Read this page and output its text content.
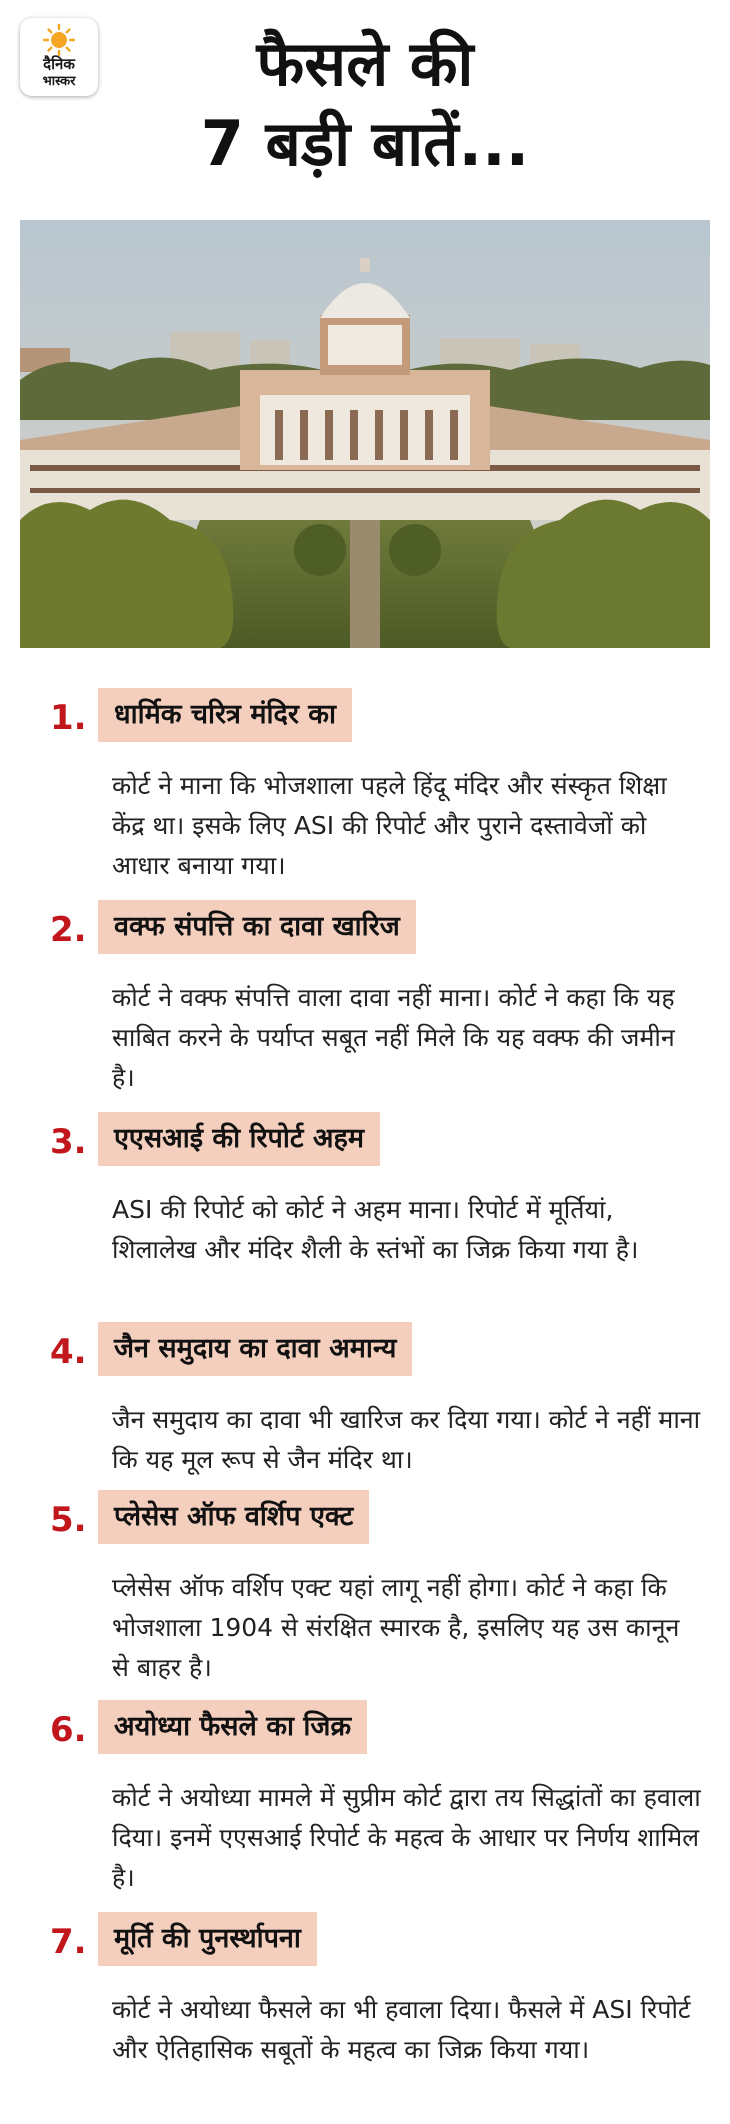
दैनिक
भास्कर	फैसले की
7 बड़ी बातें...
1.	धार्मिक चरित्र मंदिर का
कोर्ट ने माना कि भोजशाला पहले हिंदू मंदिर और संस्कृत शिक्षा केंद्र था। इसके लिए ASI की रिपोर्ट और पुराने दस्तावेजों को आधार बनाया गया।
2.	वक्फ संपत्ति का दावा खारिज
कोर्ट ने वक्फ संपत्ति वाला दावा नहीं माना। कोर्ट ने कहा कि यह साबित करने के पर्याप्त सबूत नहीं मिले कि यह वक्फ की जमीन है।
3.	एएसआई की रिपोर्ट अहम
ASI की रिपोर्ट को कोर्ट ने अहम माना। रिपोर्ट में मूर्तियां, शिलालेख और मंदिर शैली के स्तंभों का जिक्र किया गया है।
4.	जैन समुदाय का दावा अमान्य
जैन समुदाय का दावा भी खारिज कर दिया गया। कोर्ट ने नहीं माना कि यह मूल रूप से जैन मंदिर था।
5.	प्लेसेस ऑफ वर्शिप एक्ट
प्लेसेस ऑफ वर्शिप एक्ट यहां लागू नहीं होगा। कोर्ट ने कहा कि भोजशाला 1904 से संरक्षित स्मारक है, इसलिए यह उस कानून से बाहर है।
6.	अयोध्या फैसले का जिक्र
कोर्ट ने अयोध्या मामले में सुप्रीम कोर्ट द्वारा तय सिद्धांतों का हवाला दिया। इनमें एएसआई रिपोर्ट के महत्व के आधार पर निर्णय शामिल है।
7.	मूर्ति की पुनर्स्थापना
कोर्ट ने अयोध्या फैसले का भी हवाला दिया। फैसले में ASI रिपोर्ट और ऐतिहासिक सबूतों के महत्व का जिक्र किया गया।
